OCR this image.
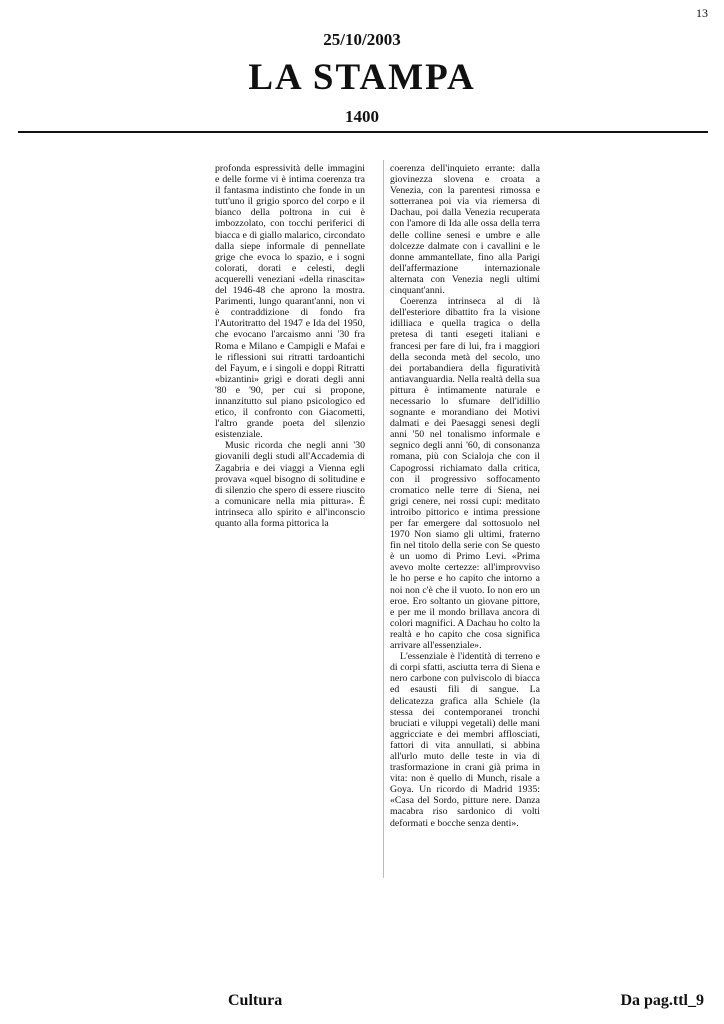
13
25/10/2003
LA STAMPA
1400

profonda espressività delle immagini e delle forme vi è intima coerenza tra il fantasma indistinto che fonde in un tutt'uno il grigio sporco del corpo e il bianco della poltrona in cui è imbozzolato, con tocchi periferici di biacca e di giallo malarico, circondato dalla siepe informale di pennellate grige che evoca lo spazio, e i sogni colorati, dorati e celesti, degli acquerelli veneziani «della rinascita» del 1946-48 che aprono la mostra. Parimenti, lungo quarant'anni, non vi è contraddizione di fondo fra l'Autoritratto del 1947 e Ida del 1950, che evocano l'arcaismo anni '30 fra Roma e Milano e Campigli e Mafai e le riflessioni sui ritratti tardoantichi del Fayum, e i singoli e doppi Ritratti «bizantini» grigi e dorati degli anni '80 e '90, per cui si propone, innanzitutto sul piano psicologico ed etico, il confronto con Giacometti, l'altro grande poeta del silenzio esistenziale.

Music ricorda che negli anni '30 giovanili degli studi all'Accademia di Zagabria e dei viaggi a Vienna egli provava «quel bisogno di solitudine e di silenzio che spero di essere riuscito a comunicare nella mia pittura». È intrinseca allo spirito e all'inconscio quanto alla forma pittorica la

coerenza dell'inquieto errante: dalla giovinezza slovena e croata a Venezia, con la parentesi rimossa e sotterranea poi via via riemersa di Dachau, poi dalla Venezia recuperata con l'amore di Ida alle ossa della terra delle colline senesi e umbre e alle dolcezze dalmate con i cavallini e le donne ammantellate, fino alla Parigi dell'affermazione internazionale alternata con Venezia negli ultimi cinquant'anni.

Coerenza intrinseca al di là dell'esteriore dibattito fra la visione idilliaca e quella tragica o della pretesa di tanti esegeti italiani e francesi per fare di lui, fra i maggiori della seconda metà del secolo, uno dei portabandiera della figuratività antiavanguardia. Nella realtà della sua pittura è intimamente naturale e necessario lo sfumare dell'idillio sognante e morandiano dei Motivi dalmati e dei Paesaggi senesi degli anni '50 nel tonalismo informale e segnico degli anni '60, di consonanza romana, più con Scialoja che con il Capogrossi richiamato dalla critica, con il progressivo soffocamento cromatico nelle terre di Siena, nei grigi cenere, nei rossi cupi: meditato introibo pittorico e intima pressione per far emergere dal sottosuolo nel 1970 Non siamo gli ultimi, fraterno fin nel titolo della serie con Se questo è un uomo di Primo Levi. «Prima avevo molte certezze: all'improvviso le ho perse e ho capito che intorno a noi non c'è che il vuoto. Io non ero un eroe. Ero soltanto un giovane pittore, e per me il mondo brillava ancora di colori magnifici. A Dachau ho colto la realtà e ho capito che cosa significa arrivare all'essenziale».

L'essenziale è l'identità di terreno e di corpi sfatti, asciutta terra di Siena e nero carbone con pulviscolo di biacca ed esausti fili di sangue. La delicatezza grafica alla Schiele (la stessa dei contemporanei tronchi bruciati e viluppi vegetali) delle mani aggricciate e dei membri afflosciati, fattori di vita annullati, si abbina all'urlo muto delle teste in via di trasformazione in crani già prima in vita: non è quello di Munch, risale a Goya. Un ricordo di Madrid 1935: «Casa del Sordo, pitture nere. Danza macabra riso sardonico di volti deformati e bocche senza denti».

Cultura	Da pag.ttl_9
